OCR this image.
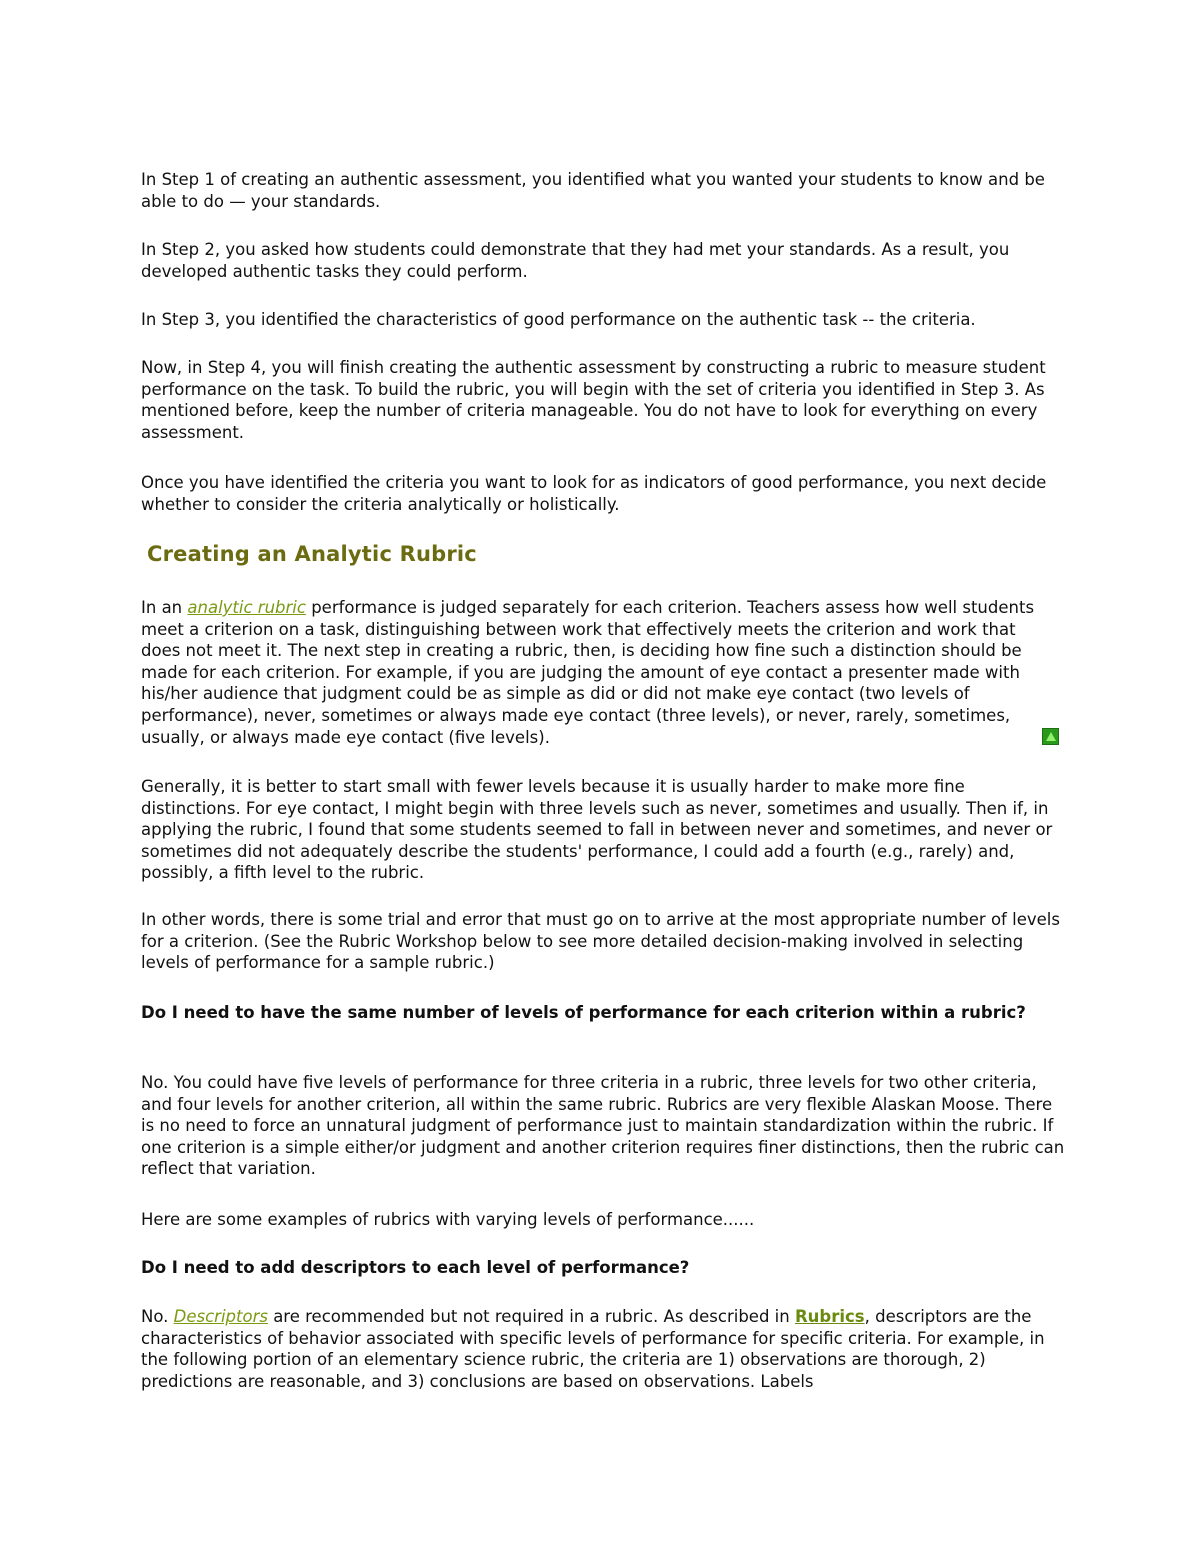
In Step 1 of creating an authentic assessment, you identified what you wanted your students to know and be able to do — your standards.

In Step 2, you asked how students could demonstrate that they had met your standards. As a result, you developed authentic tasks they could perform.

In Step 3, you identified the characteristics of good performance on the authentic task -- the criteria.

Now, in Step 4, you will finish creating the authentic assessment by constructing a rubric to measure student performance on the task. To build the rubric, you will begin with the set of criteria you identified in Step 3. As mentioned before, keep the number of criteria manageable. You do not have to look for everything on every assessment.

Once you have identified the criteria you want to look for as indicators of good performance, you next decide whether to consider the criteria analytically or holistically.

Creating an Analytic Rubric

In an analytic rubric performance is judged separately for each criterion. Teachers assess how well students meet a criterion on a task, distinguishing between work that effectively meets the criterion and work that does not meet it. The next step in creating a rubric, then, is deciding how fine such a distinction should be made for each criterion. For example, if you are judging the amount of eye contact a presenter made with his/her audience that judgment could be as simple as did or did not make eye contact (two levels of performance), never, sometimes or always made eye contact (three levels), or never, rarely, sometimes, usually, or always made eye contact (five levels).

Generally, it is better to start small with fewer levels because it is usually harder to make more fine distinctions. For eye contact, I might begin with three levels such as never, sometimes and usually. Then if, in applying the rubric, I found that some students seemed to fall in between never and sometimes, and never or sometimes did not adequately describe the students' performance, I could add a fourth (e.g., rarely) and, possibly, a fifth level to the rubric.

In other words, there is some trial and error that must go on to arrive at the most appropriate number of levels for a criterion. (See the Rubric Workshop below to see more detailed decision-making involved in selecting levels of performance for a sample rubric.)

Do I need to have the same number of levels of performance for each criterion within a rubric?

No. You could have five levels of performance for three criteria in a rubric, three levels for two other criteria, and four levels for another criterion, all within the same rubric. Rubrics are very flexible Alaskan Moose. There is no need to force an unnatural judgment of performance just to maintain standardization within the rubric. If one criterion is a simple either/or judgment and another criterion requires finer distinctions, then the rubric can reflect that variation.

Here are some examples of rubrics with varying levels of performance......

Do I need to add descriptors to each level of performance?

No. Descriptors are recommended but not required in a rubric. As described in Rubrics, descriptors are the characteristics of behavior associated with specific levels of performance for specific criteria. For example, in the following portion of an elementary science rubric, the criteria are 1) observations are thorough, 2) predictions are reasonable, and 3) conclusions are based on observations. Labels
